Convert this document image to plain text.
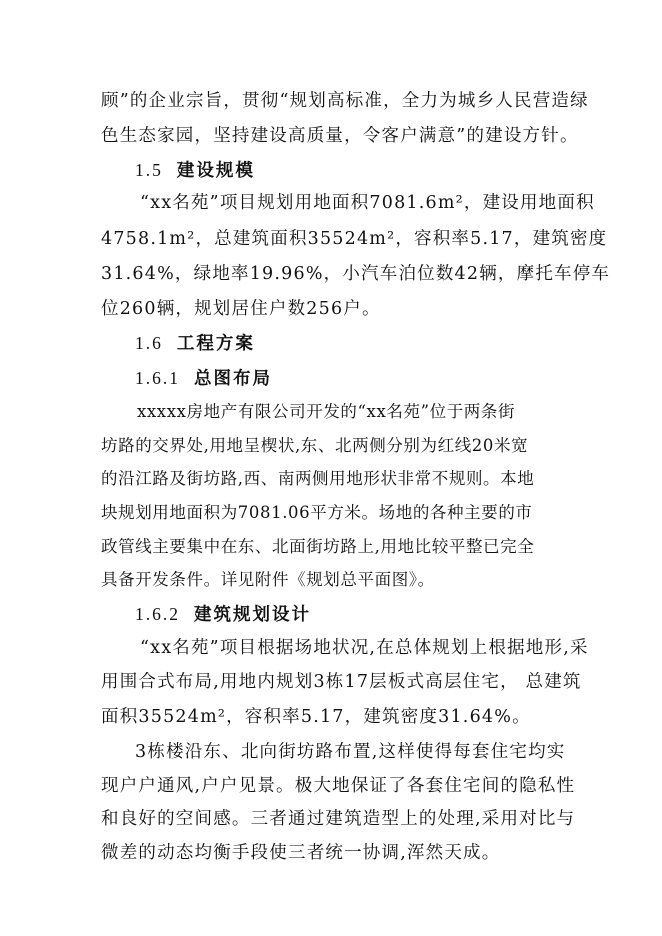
顾”的企业宗旨，贯彻“规划高标准，全力为城乡人民营造绿
色生态家园，坚持建设高质量，令客户满意”的建设方针。
1.5 建设规模
“xx名苑”项目规划用地面积7081.6m²，建设用地面积
4758.1m²，总建筑面积35524m²，容积率5.17，建筑密度
31.64%，绿地率19.96%，小汽车泊位数42辆，摩托车停车
位260辆，规划居住户数256户。
1.6 工程方案
1.6.1 总图布局
xxxxx房地产有限公司开发的“xx名苑”位于两条街
坊路的交界处,用地呈楔状,东、北两侧分别为红线20米宽
的沿江路及街坊路,西、南两侧用地形状非常不规则。本地
块规划用地面积为7081.06平方米。场地的各种主要的市
政管线主要集中在东、北面街坊路上,用地比较平整已完全
具备开发条件。详见附件《规划总平面图》。
1.6.2 建筑规划设计
“xx名苑”项目根据场地状况,在总体规划上根据地形,采
用围合式布局,用地内规划3栋17层板式高层住宅， 总建筑
面积35524m²，容积率5.17，建筑密度31.64%。
3栋楼沿东、北向街坊路布置,这样使得每套住宅均实
现户户通风,户户见景。极大地保证了各套住宅间的隐私性
和良好的空间感。三者通过建筑造型上的处理,采用对比与
微差的动态均衡手段使三者统一协调,浑然天成。
